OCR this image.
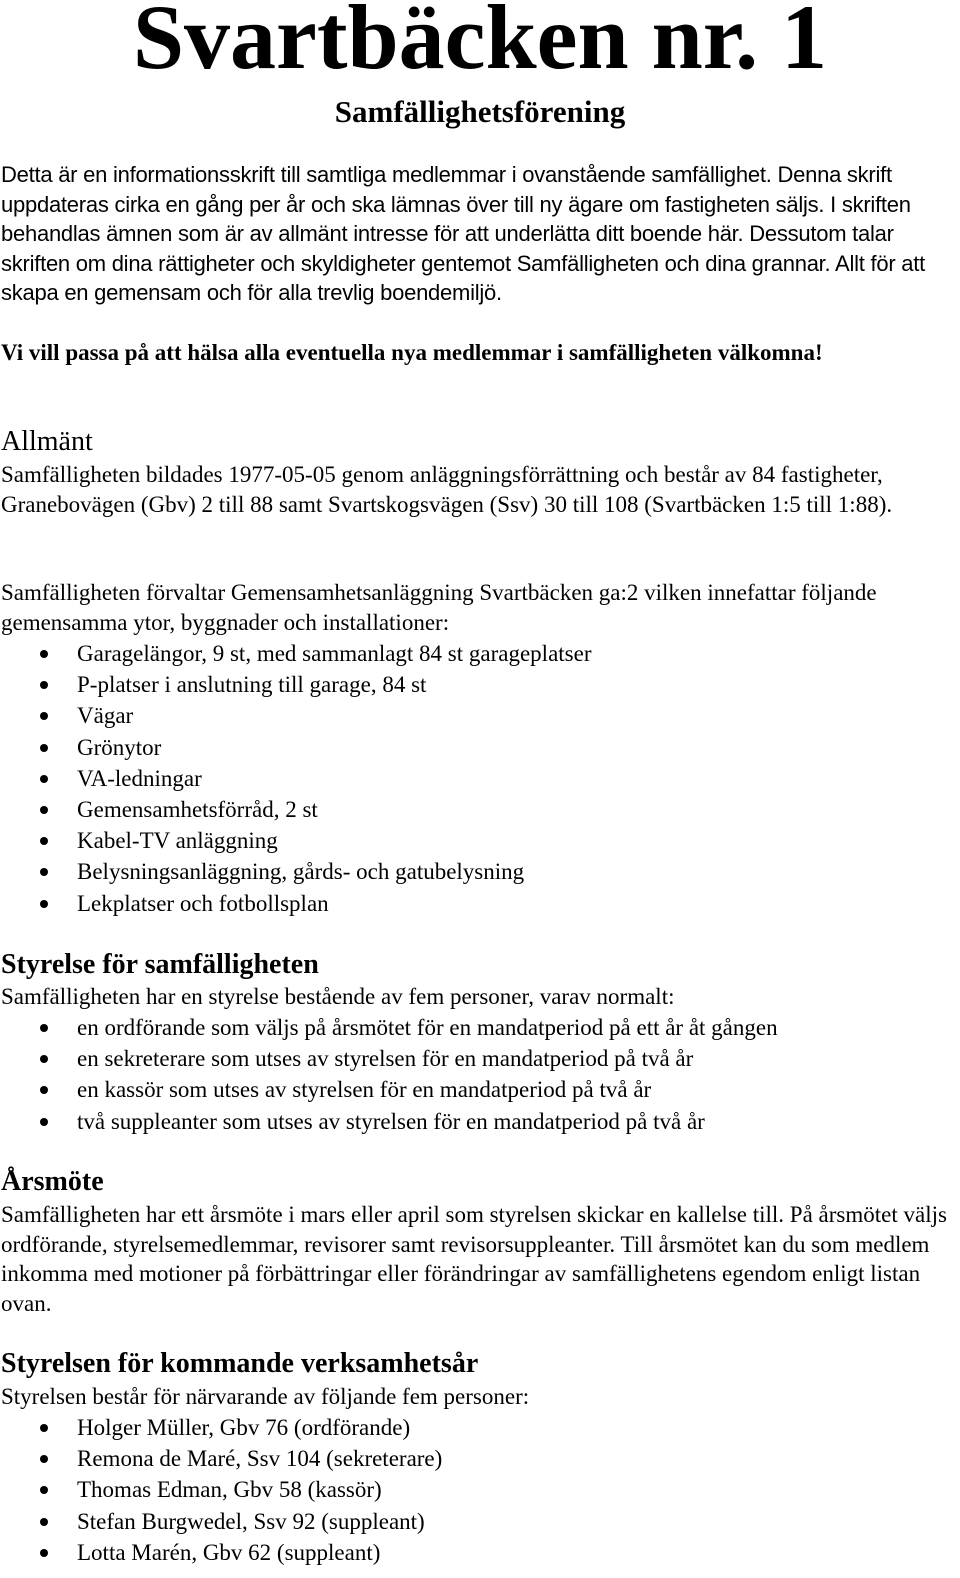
Svartbäcken nr. 1
Samfällighetsförening

Detta är en informationsskrift till samtliga medlemmar i ovanstående samfällighet. Denna skrift uppdateras cirka en gång per år och ska lämnas över till ny ägare om fastigheten säljs. I skriften behandlas ämnen som är av allmänt intresse för att underlätta ditt boende här. Dessutom talar skriften om dina rättigheter och skyldigheter gentemot Samfälligheten och dina grannar. Allt för att skapa en gemensam och för alla trevlig boendemiljö.

Vi vill passa på att hälsa alla eventuella nya medlemmar i samfälligheten välkomna!

Allmänt

Samfälligheten bildades 1977-05-05 genom anläggningsförrättning och består av 84 fastigheter, Granebovägen (Gbv) 2 till 88 samt Svartskogsvägen (Ssv) 30 till 108 (Svartbäcken 1:5 till 1:88).

Samfälligheten förvaltar Gemensamhetsanläggning Svartbäcken ga:2 vilken innefattar följande gemensamma ytor, byggnader och installationer:

Garagelängor, 9 st, med sammanlagt 84 st garageplatser
P-platser i anslutning till garage, 84 st
Vägar
Grönytor
VA-ledningar
Gemensamhetsförråd, 2 st
Kabel-TV anläggning
Belysningsanläggning, gårds- och gatubelysning
Lekplatser och fotbollsplan
Styrelse för samfälligheten

Samfälligheten har en styrelse bestående av fem personer, varav normalt:

en ordförande som väljs på årsmötet för en mandatperiod på ett år åt gången
en sekreterare som utses av styrelsen för en mandatperiod på två år
en kassör som utses av styrelsen för en mandatperiod på två år
två suppleanter som utses av styrelsen för en mandatperiod på två år
Årsmöte

Samfälligheten har ett årsmöte i mars eller april som styrelsen skickar en kallelse till. På årsmötet väljs ordförande, styrelsemedlemmar, revisorer samt revisorsuppleanter. Till årsmötet kan du som medlem inkomma med motioner på förbättringar eller förändringar av samfällighetens egendom enligt listan ovan.

Styrelsen för kommande verksamhetsår

Styrelsen består för närvarande av följande fem personer:

Holger Müller, Gbv 76 (ordförande)
Remona de Maré, Ssv 104 (sekreterare)
Thomas Edman, Gbv 58 (kassör)
Stefan Burgwedel, Ssv 92 (suppleant)
Lotta Marén, Gbv 62 (suppleant)
